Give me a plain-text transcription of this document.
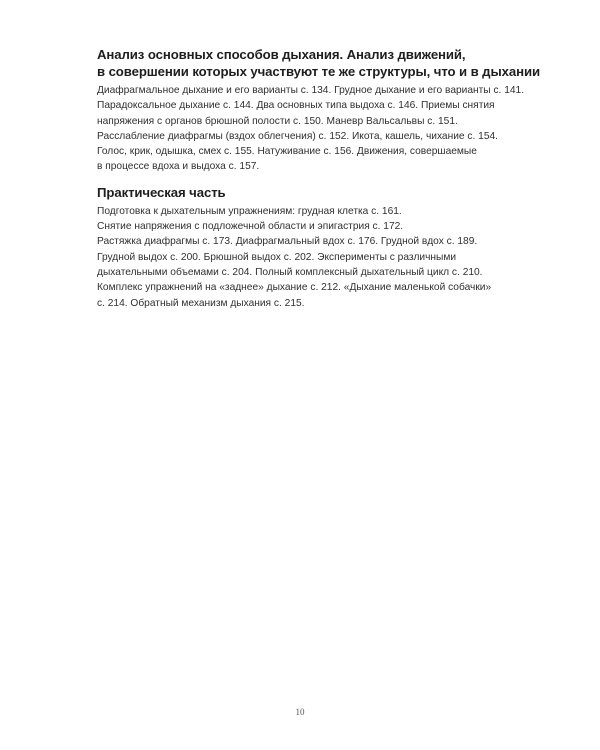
Анализ основных способов дыхания. Анализ движений,
в совершении которых участвуют те же структуры, что и в дыхании

Диафрагмальное дыхание и его варианты с. 134. Грудное дыхание и его варианты с. 141.
Парадоксальное дыхание с. 144. Два основных типа выдоха с. 146. Приемы снятия
напряжения с органов брюшной полости с. 150. Маневр Вальсальвы с. 151.
Расслабление диафрагмы (вздох облегчения) с. 152. Икота, кашель, чихание с. 154.
Голос, крик, одышка, смех с. 155. Натуживание с. 156. Движения, совершаемые
в процессе вдоха и выдоха с. 157.

Практическая часть

Подготовка к дыхательным упражнениям: грудная клетка с. 161.
Снятие напряжения с подложечной области и эпигастрия с. 172.
Растяжка диафрагмы с. 173. Диафрагмальный вдох с. 176. Грудной вдох с. 189.
Грудной выдох с. 200. Брюшной выдох с. 202. Эксперименты с различными
дыхательными объемами с. 204. Полный комплексный дыхательный цикл с. 210.
Комплекс упражнений на «заднее» дыхание с. 212. «Дыхание маленькой собачки»
с. 214. Обратный механизм дыхания с. 215.

10
